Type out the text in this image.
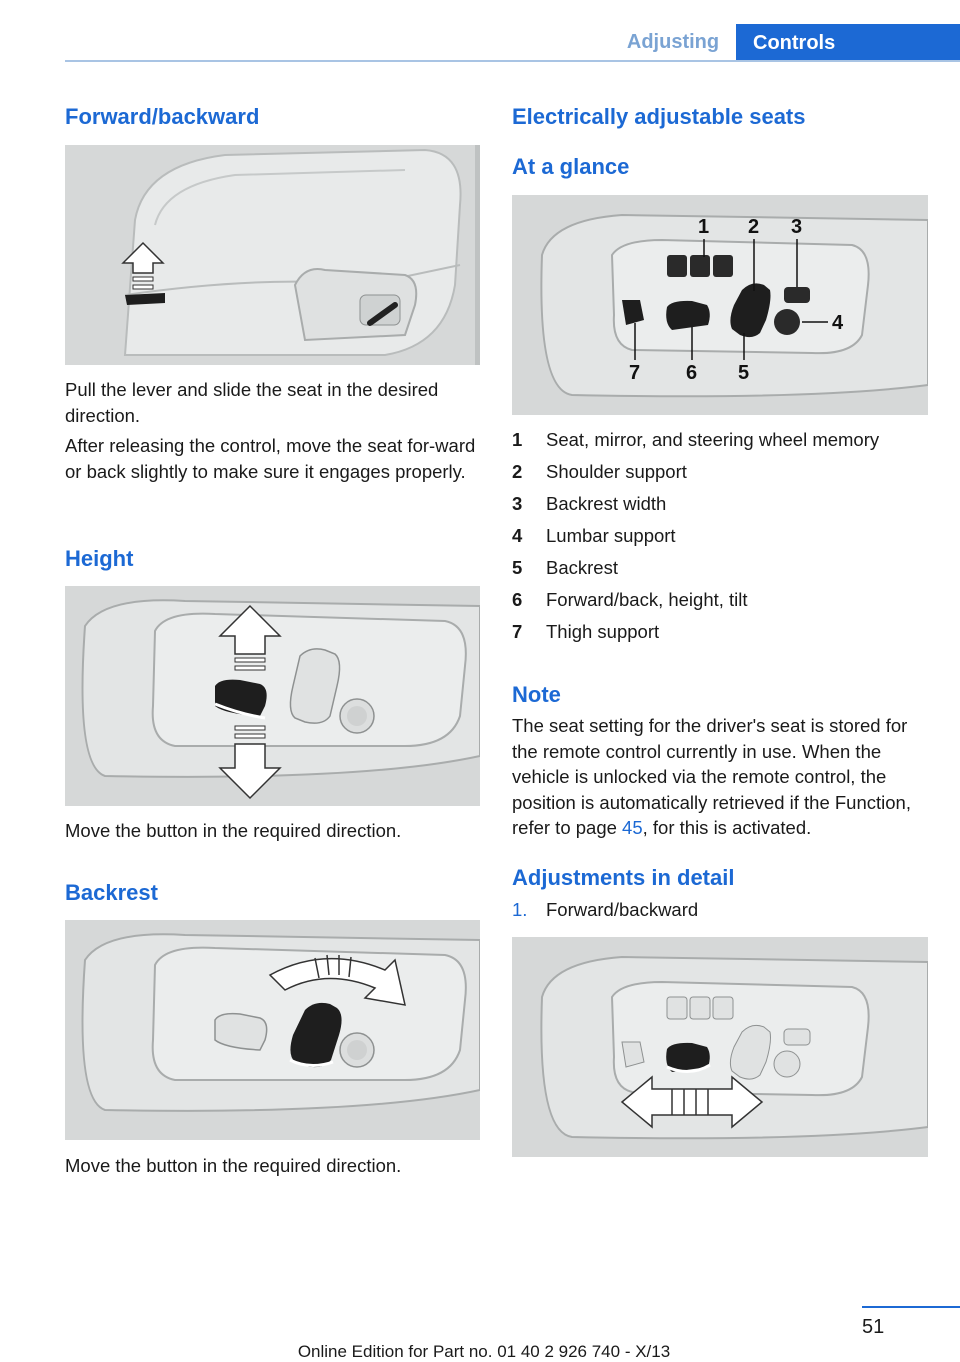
Adjusting	Controls
Forward/backward

Pull the lever and slide the seat in the desired direction.

After releasing the control, move the seat for‐ward or back slightly to make sure it engages properly.

Height

Move the button in the required direction.

Backrest

Move the button in the required direction.

Electrically adjustable seats
At a glance
1 2 3
4
5
6
7
1 Seat, mirror, and steering wheel memory
2 Shoulder support
3 Backrest width
4 Lumbar support
5 Backrest
6 Forward/back, height, tilt
7 Thigh support
Note

The seat setting for the driver's seat is stored for the remote control currently in use. When the vehicle is unlocked via the remote control, the position is automatically retrieved if the Function, refer to page 45, for this is activated.

Adjustments in detail
1. Forward/backward
51
Online Edition for Part no. 01 40 2 926 740 - X/13
